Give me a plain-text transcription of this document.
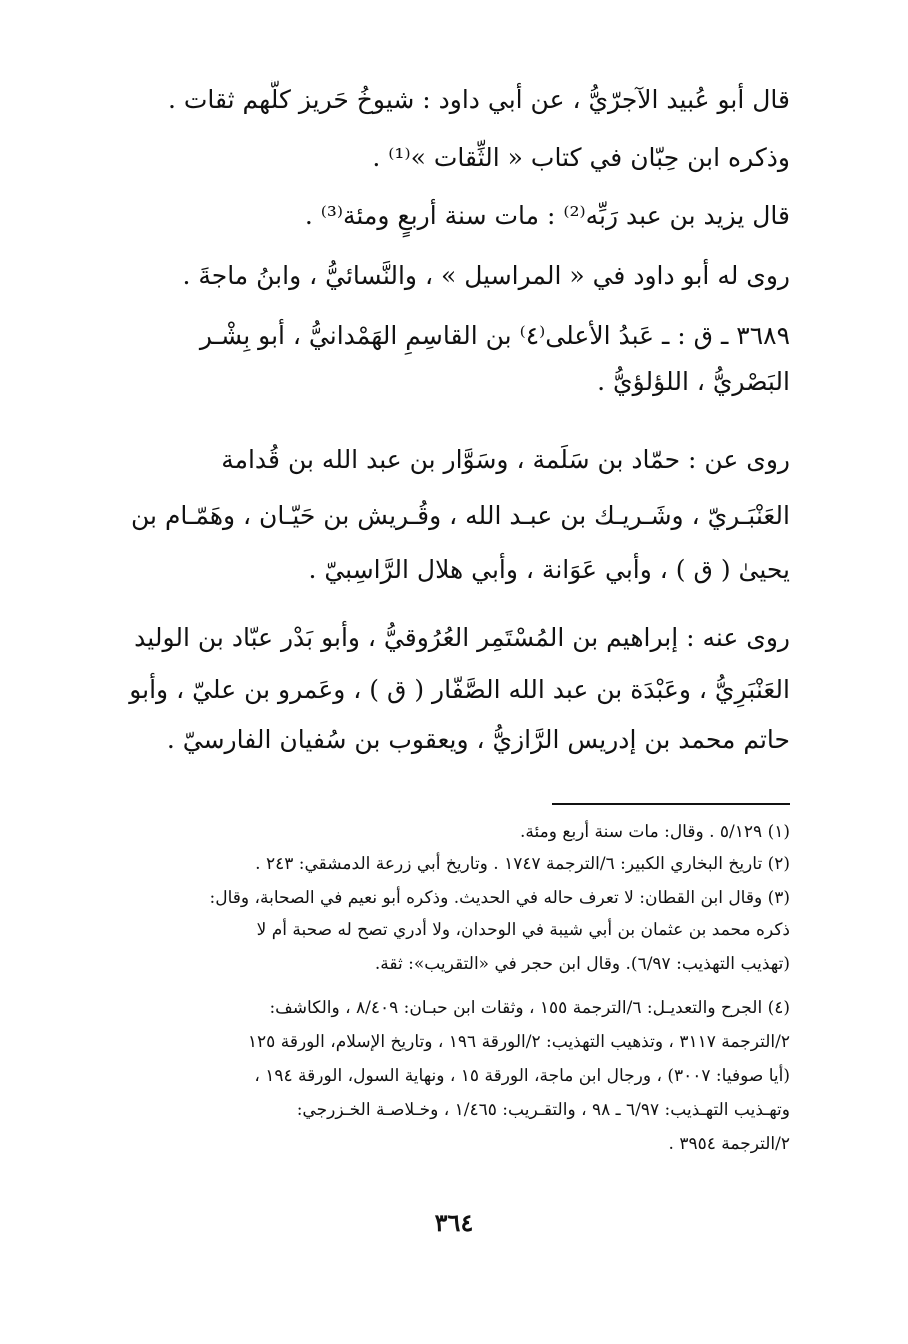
قال أبو عُبيد الآجرّيُّ ، عن أبي داود : شيوخُ حَريز كلُّهم ثقات .
وذكره ابن حِبّان في كتاب « الثِّقات »⁽¹⁾ .
قال يزيد بن عبد رَبِّه⁽²⁾ : مات سنة أربعٍ ومئة⁽³⁾ .
روى له أبو داود في « المراسيل » ، والنَّسائيُّ ، وابنُ ماجةَ .
٣٦٨٩ ـ ق : ـ عَبدُ الأعلى⁽٤⁾ بن القاسِمِ الهَمْدانيُّ ، أبو بِشْـر
البَصْريُّ ، اللؤلؤيُّ .
روى عن : حمّاد بن سَلَمة ، وسَوَّار بن عبد الله بن قُدامة
العَنْبَـريّ ، وشَـريـك بن عبـد الله ، وقُـريش بن حَيّـان ، وهَمّـام بن
يحيىٰ ( ق ) ، وأبي عَوَانة ، وأبي هلال الرَّاسِبيّ .
روى عنه : إبراهيم بن المُسْتَمِر العُرُوقيُّ ، وأبو بَدْر عبّاد بن الوليد
العَنْبَرِيُّ ، وعَبْدَة بن عبد الله الصَّفّار ( ق ) ، وعَمرو بن عليّ ، وأبو
حاتم محمد بن إدريس الرَّازيُّ ، ويعقوب بن سُفيان الفارسيّ .
(١) ٥/١٢٩ . وقال: مات سنة أربع ومئة.
(٢) تاريخ البخاري الكبير: ٦/الترجمة ١٧٤٧ . وتاريخ أبي زرعة الدمشقي: ٢٤٣ .
(٣) وقال ابن القطان: لا تعرف حاله في الحديث. وذكره أبو نعيم في الصحابة، وقال:
ذكره محمد بن عثمان بن أبي شيبة في الوحدان، ولا أدري تصح له صحبة أم لا
(تهذيب التهذيب: ٦/٩٧). وقال ابن حجر في «التقريب»: ثقة.
(٤) الجرح والتعديـل: ٦/الترجمة ١٥٥ ، وثقات ابن حبـان: ٨/٤٠٩ ، والكاشف:
٢/الترجمة ٣١١٧ ، وتذهيب التهذيب: ٢/الورقة ١٩٦ ، وتاريخ الإسلام، الورقة ١٢٥
(أيا صوفيا: ٣٠٠٧) ، ورجال ابن ماجة، الورقة ١٥ ، ونهاية السول، الورقة ١٩٤ ،
وتهـذيب التهـذيب: ٦/٩٧ ـ ٩٨ ، والتقـريب: ١/٤٦٥ ، وخـلاصـة الخـزرجي:
٢/الترجمة ٣٩٥٤ .
٣٦٤
